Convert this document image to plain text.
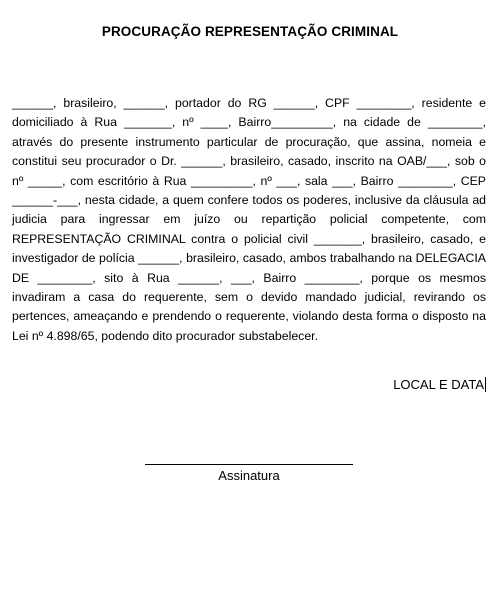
PROCURAÇÃO REPRESENTAÇÃO CRIMINAL

______, brasileiro, ______, portador do RG ______, CPF ________, residente e domiciliado à Rua _______, nº ____, Bairro_________, na cidade de ________, através do presente instrumento particular de procuração, que assina, nomeia e constitui seu procurador o Dr. ______, brasileiro, casado, inscrito na OAB/___, sob o nº _____, com escritório à Rua _________, nº ___, sala ___, Bairro ________, CEP ______-___, nesta cidade, a quem confere todos os poderes, inclusive da cláusula ad judicia para ingressar em juízo ou repartição policial competente, com REPRESENTAÇÃO CRIMINAL contra o policial civil _______, brasileiro, casado, e investigador de polícia ______, brasileiro, casado, ambos trabalhando na DELEGACIA DE ________, sito à Rua ______, ___, Bairro ________, porque os mesmos invadiram a casa do requerente, sem o devido mandado judicial, revirando os pertences, ameaçando e prendendo o requerente, violando desta forma o disposto na Lei nº 4.898/65, podendo dito procurador substabelecer.

LOCAL E DATA
Assinatura
